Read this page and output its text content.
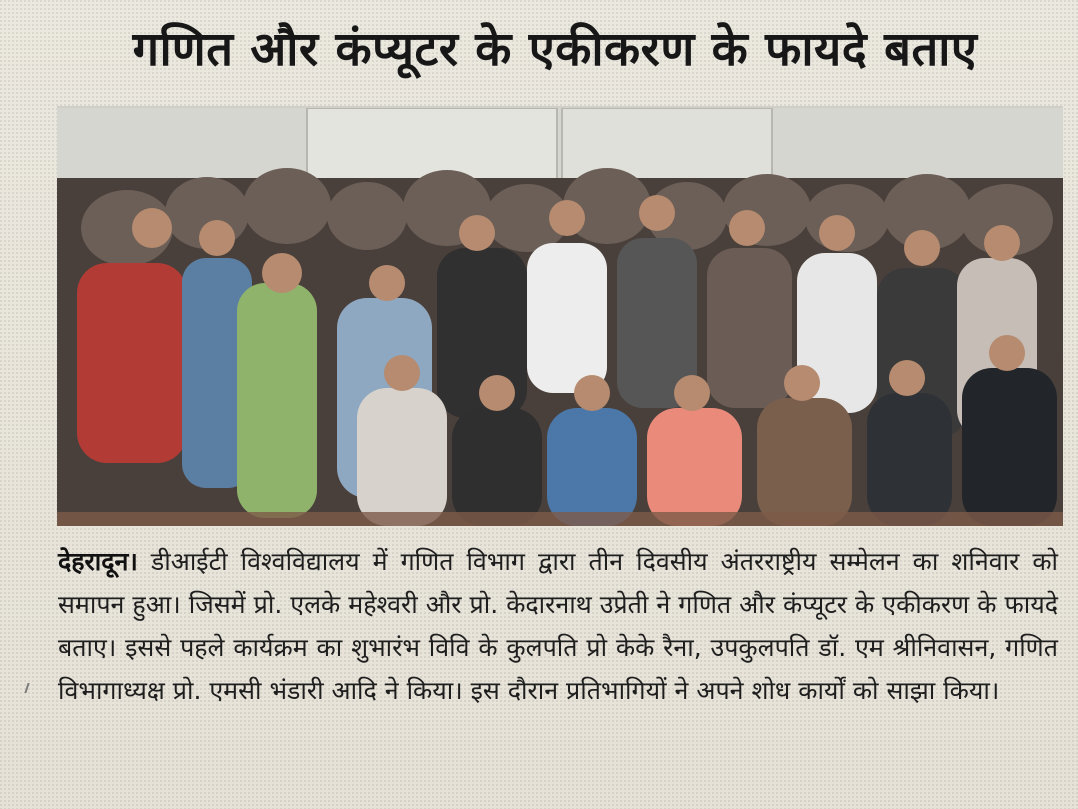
गणित और कंप्यूटर के एकीकरण के फायदे बताए

देहरादून। डीआईटी विश्वविद्यालय में गणित विभाग द्वारा तीन दिवसीय अंतरराष्ट्रीय सम्मेलन का शनिवार को समापन हुआ। जिसमें प्रो. एलके महेश्वरी और प्रो. केदारनाथ उप्रेती ने गणित और कंप्यूटर के एकीकरण के फायदे बताए। इससे पहले कार्यक्रम का शुभारंभ विवि के कुलपति प्रो केके रैना, उपकुलपति डॉ. एम श्रीनिवासन, गणित विभागाध्यक्ष प्रो. एमसी भंडारी आदि ने किया। इस दौरान प्रतिभागियों ने अपने शोध कार्यों को साझा किया।
